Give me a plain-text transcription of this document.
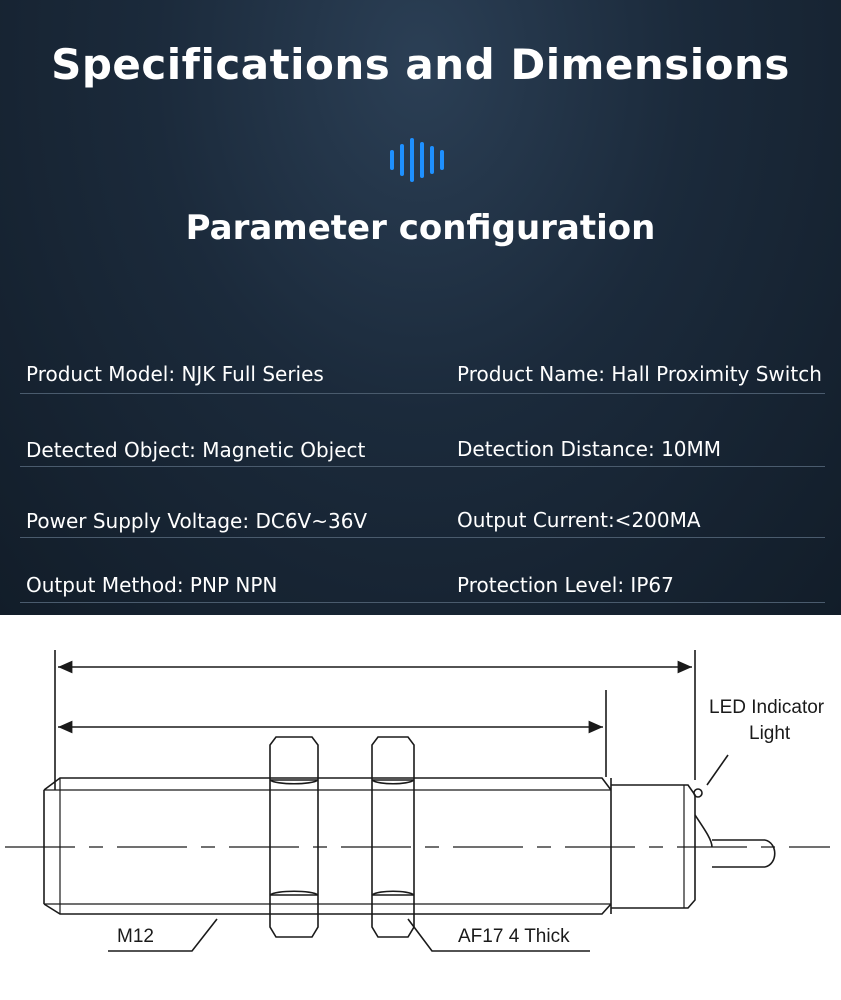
Specifications and Dimensions
Parameter configuration
Product Model: NJK Full Series	Product Name: Hall Proximity Switch
Detected Object: Magnetic Object	Detection Distance: 10MM
Power Supply Voltage: DC6V~36V	Output Current:<200MA
Output Method: PNP NPN	Protection Level: IP67
LED Indicator
Light
M12	AF17 4 Thick
